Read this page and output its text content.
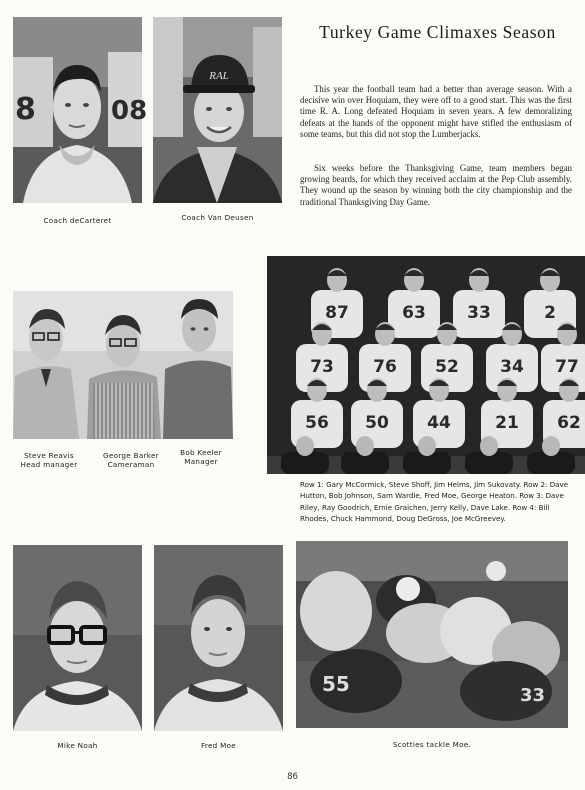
8	08
Coach deCarteret
RAL
Coach Van Deusen
Turkey Game Climaxes Season

This year the football team had a better than average season. With a decisive win over Hoquiam, they were off to a good start. This was the first time R. A. Long defeated Hoquiam in seven years. A few demoralizing defeats at the hands of the opponent might have stifled the enthusiasm of some teams, but this did not stop the Lumberjacks.

Six weeks before the Thanksgiving Game, team members began growing beards, for which they received acclaim at the Pep Club assembly. They wound up the season by winning both the city championship and the traditional Thanksgiving Day Game.

Steve Reavis
Head manager
George Barker
Cameraman
Bob Keeler
Manager
87	63 33	2
73 76 52 34 77
56 50 44	21 62

Row 1: Gary McCormick, Steve Shoff, Jim Helms, Jim Sukovaty. Row 2: Dave Hutton, Bob Johnson, Sam Wardle, Fred Moe, George Heaton. Row 3: Dave Riley, Ray Goodrich, Ernie Graichen, Jerry Kelly, Dave Lake. Row 4: Bill Rhodes, Chuck Hammond, Doug DeGross, Joe McGreevey.

Mike Noah	Fred Moe
55	33
Scotties tackle Moe.
86
